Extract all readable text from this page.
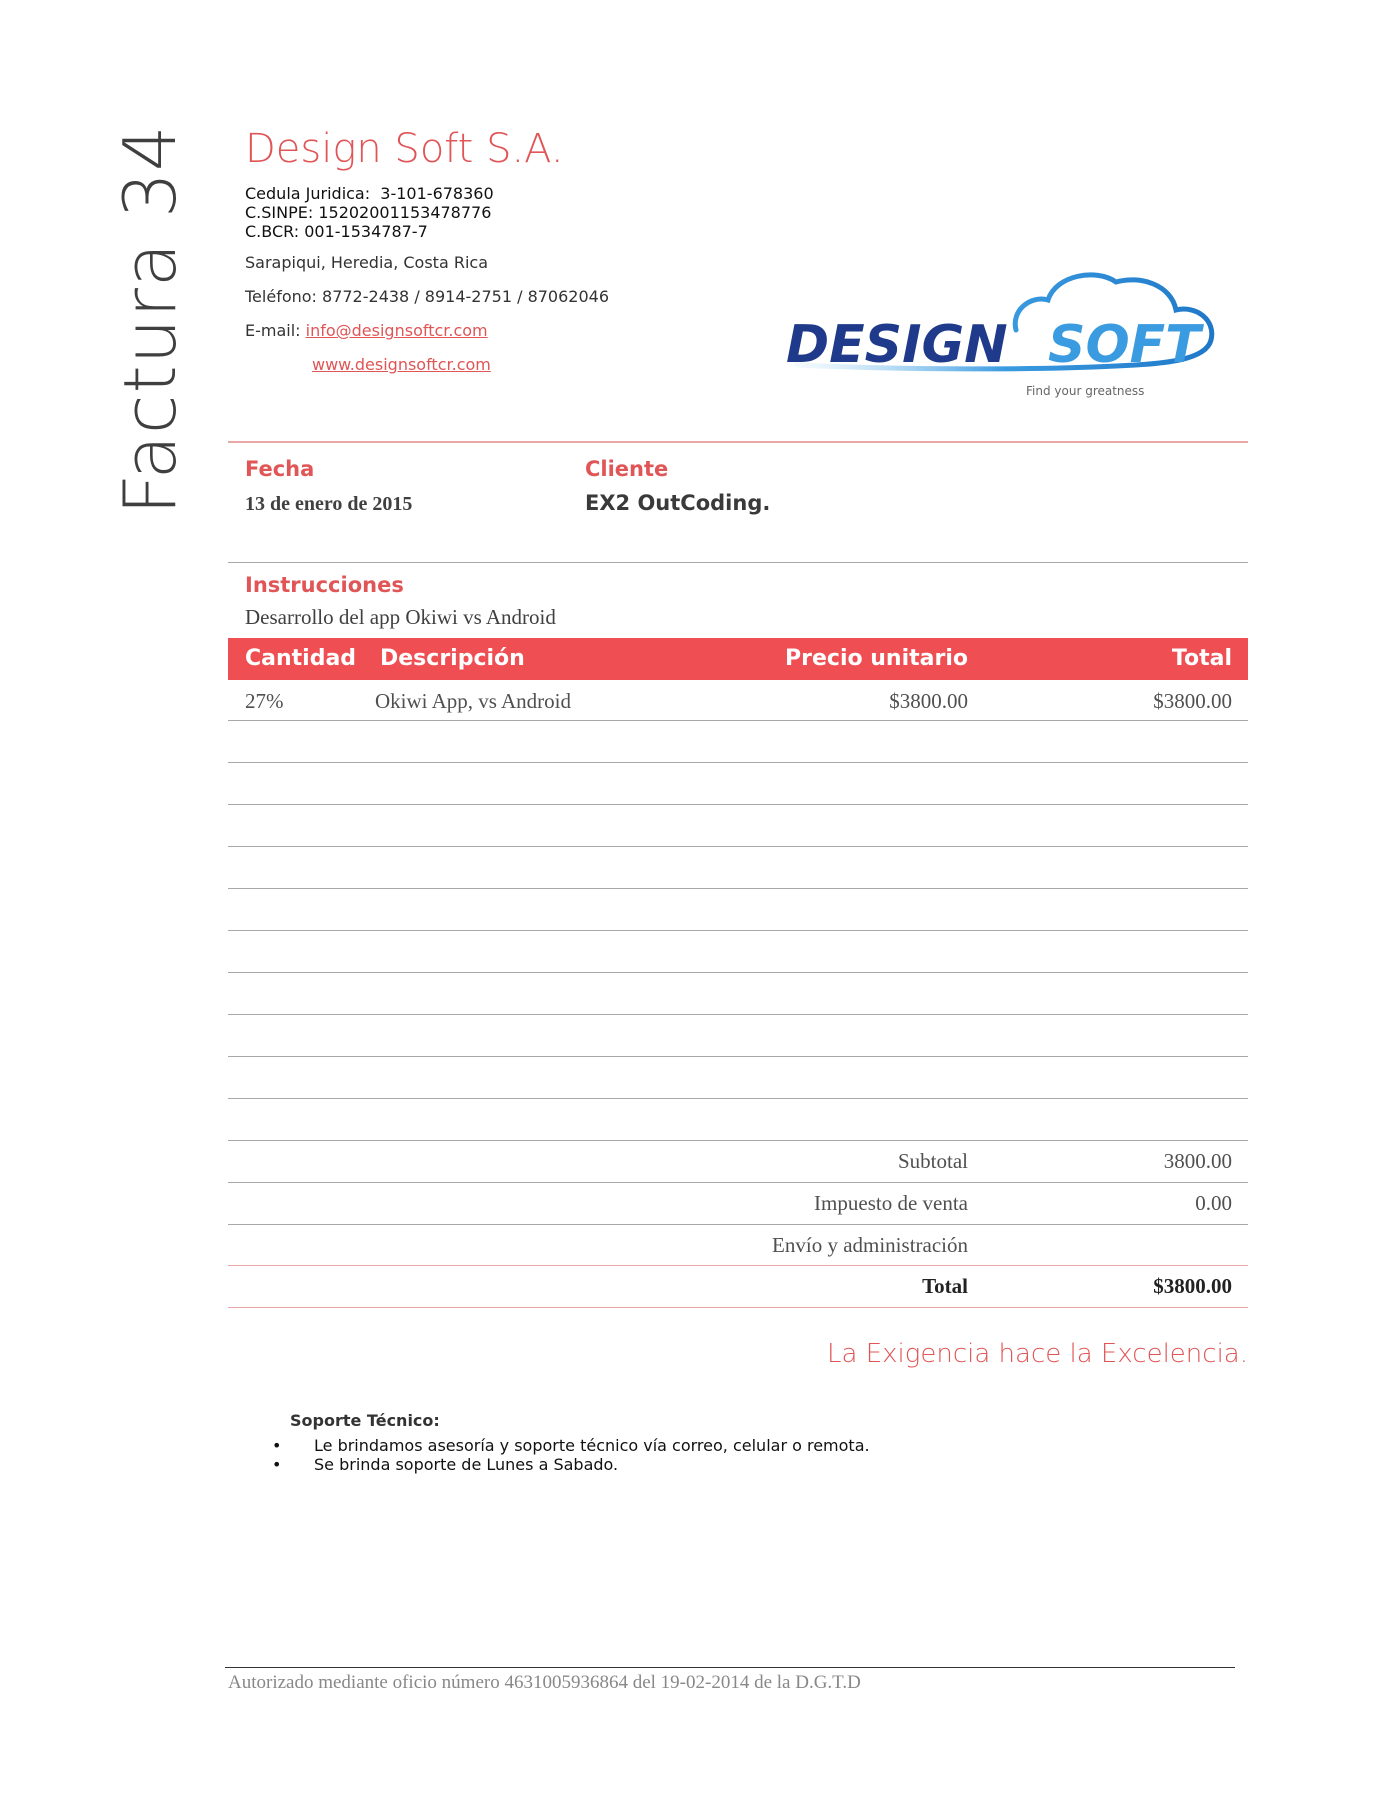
Factura 34 Design Soft S.A.
Cedula Juridica:  3-101-678360
C.SINPE: 15202001153478776
C.BCR: 001-1534787-7
Sarapiqui, Heredia, Costa Rica
Teléfono: 8772-2438 / 8914-2751 / 87062046
E-mail: info@designsoftcr.com
www.designsoftcr.com	DESIGN SOFT
Find your greatness
Fecha
13 de enero de 2015
Cliente
EX2 OutCoding.
Instrucciones
Desarrollo del app Okiwi vs Android
Cantidad Descripción	Precio unitario	Total
27%	Okiwi App, vs Android	$3800.00	$3800.00
Subtotal	3800.00
Impuesto de venta	0.00
Envío y administración
Total	$3800.00
La Exigencia hace la Excelencia.
Soporte Técnico:
• Le brindamos asesoría y soporte técnico vía correo, celular o remota.
• Se brinda soporte de Lunes a Sabado.
Autorizado mediante oficio número 4631005936864 del 19-02-2014 de la D.G.T.D
